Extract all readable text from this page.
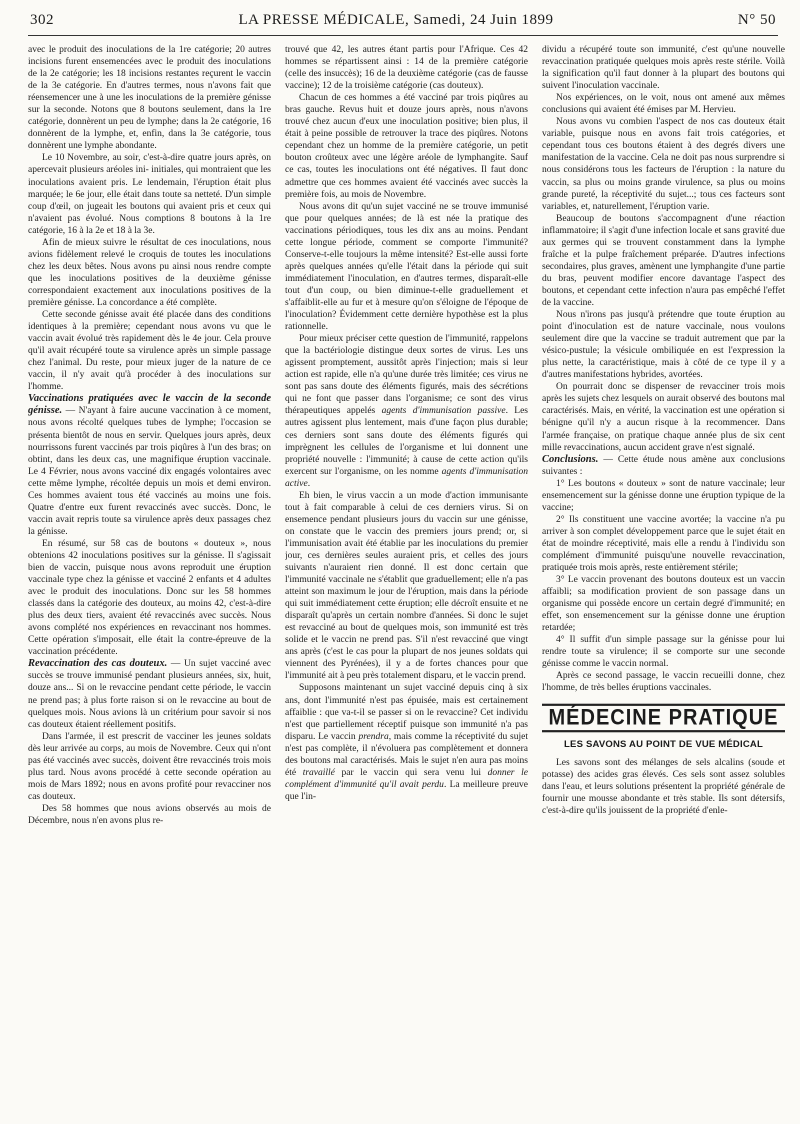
302	LA PRESSE MÉDICALE, Samedi, 24 Juin 1899	N° 50

avec le produit des inoculations de la 1re catégorie; 20 autres incisions furent ensemencées avec le produit des inoculations de la 2e catégorie; les 18 incisions restantes reçurent le vaccin de la 3e catégorie. En d'autres termes, nous n'avons fait que réensemencer une à une les inoculations de la première génisse sur la seconde. Notons que 8 boutons seulement, dans la 1re catégorie, donnèrent un peu de lymphe; dans la 2e catégorie, 16 donnèrent de la lymphe, et, enfin, dans la 3e catégorie, tous donnèrent une lymphe abondante.

Le 10 Novembre, au soir, c'est-à-dire quatre jours après, on apercevait plusieurs aréoles ini- initiales, qui montraient que les inoculations avaient pris. Le lendemain, l'éruption était plus marquée; le 6e jour, elle était dans toute sa netteté. D'un simple coup d'œil, on jugeait les boutons qui avaient pris et ceux qui n'avaient pas évolué. Nous comptions 8 boutons à la 1re catégorie, 16 à la 2e et 18 à la 3e.

Afin de mieux suivre le résultat de ces inoculations, nous avions fidèlement relevé le croquis de toutes les inoculations chez les deux bêtes. Nous avons pu ainsi nous rendre compte que les inoculations positives de la deuxième génisse correspondaient exactement aux inoculations positives de la première génisse. La concordance a été complète.

Cette seconde génisse avait été placée dans des conditions identiques à la première; cependant nous avons vu que le vaccin avait évolué très rapidement dès le 4e jour. Cela prouve qu'il avait récupéré toute sa virulence après un simple passage chez l'animal. Du reste, pour mieux juger de la nature de ce vaccin, il n'y avait qu'à procéder à des inoculations sur l'homme.

Vaccinations pratiquées avec le vaccin de la seconde génisse. — N'ayant à faire aucune vaccination à ce moment, nous avons récolté quelques tubes de lymphe; l'occasion se présenta bientôt de nous en servir. Quelques jours après, deux nourrissons furent vaccinés par trois piqûres à l'un des bras; on obtint, dans les deux cas, une magnifique éruption vaccinale. Le 4 Février, nous avons vacciné dix engagés volontaires avec cette même lymphe, récoltée depuis un mois et demi environ. Ces hommes avaient tous été vaccinés au moins une fois. Quatre d'entre eux furent revaccinés avec succès. Donc, le vaccin avait repris toute sa virulence après deux passages chez la génisse.

En résumé, sur 58 cas de boutons « douteux », nous obtenions 42 inoculations positives sur la génisse. Il s'agissait bien de vaccin, puisque nous avons reproduit une éruption vaccinale type chez la génisse et vacciné 2 enfants et 4 adultes avec le produit des inoculations. Donc sur les 58 hommes classés dans la catégorie des douteux, au moins 42, c'est-à-dire plus des deux tiers, avaient été revaccinés avec succès. Nous avons complété nos expériences en revaccinant nos hommes. Cette opération s'imposait, elle était la contre-épreuve de la vaccination précédente.

Revaccination des cas douteux. — Un sujet vacciné avec succès se trouve immunisé pendant plusieurs années, six, huit, douze ans... Si on le revaccine pendant cette période, le vaccin ne prend pas; à plus forte raison si on le revaccine au bout de quelques mois. Nous avions là un critérium pour savoir si nos cas douteux étaient réellement positifs.

Dans l'armée, il est prescrit de vacciner les jeunes soldats dès leur arrivée au corps, au mois de Novembre. Ceux qui n'ont pas été vaccinés avec succès, doivent être revaccinés trois mois plus tard. Nous avons procédé à cette seconde opération au mois de Mars 1892; nous en avons profité pour revacciner nos cas douteux.

Des 58 hommes que nous avions observés au mois de Décembre, nous n'en avons plus re-

trouvé que 42, les autres étant partis pour l'Afrique. Ces 42 hommes se répartissent ainsi : 14 de la première catégorie (celle des insuccès); 16 de la deuxième catégorie (cas de fausse vaccine); 12 de la troisième catégorie (cas douteux).

Chacun de ces hommes a été vacciné par trois piqûres au bras gauche. Revus huit et douze jours après, nous n'avons trouvé chez aucun d'eux une inoculation positive; bien plus, il était à peine possible de retrouver la trace des piqûres. Notons cependant chez un homme de la première catégorie, un petit bouton croûteux avec une légère aréole de lymphangite. Sauf ce cas, toutes les inoculations ont été négatives. Il faut donc admettre que ces hommes avaient été vaccinés avec succès la première fois, au mois de Novembre.

Nous avons dit qu'un sujet vacciné ne se trouve immunisé que pour quelques années; de là est née la pratique des vaccinations périodiques, tous les dix ans au moins. Pendant cette longue période, comment se comporte l'immunité? Conserve-t-elle toujours la même intensité? Est-elle aussi forte après quelques années qu'elle l'était dans la période qui suit immédiatement l'inoculation, en d'autres termes, disparaît-elle tout d'un coup, ou bien diminue-t-elle graduellement et s'affaiblit-elle au fur et à mesure qu'on s'éloigne de l'époque de l'inoculation? Évidemment cette dernière hypothèse est la plus rationnelle.

Pour mieux préciser cette question de l'immunité, rappelons que la bactériologie distingue deux sortes de virus. Les uns agissent promptement, aussitôt après l'injection; mais si leur action est rapide, elle n'a qu'une durée très limitée; ces virus ne sont pas sans doute des éléments figurés, mais des sécrétions qui ne font que passer dans l'organisme; ce sont des virus thérapeutiques appelés agents d'immunisation passive. Les autres agissent plus lentement, mais d'une façon plus durable; ces derniers sont sans doute des éléments figurés qui imprègnent les cellules de l'organisme et lui donnent une propriété nouvelle : l'immunité; à cause de cette action qu'ils exercent sur l'organisme, on les nomme agents d'immunisation active.

Eh bien, le virus vaccin a un mode d'action immunisante tout à fait comparable à celui de ces derniers virus. Si on ensemence pendant plusieurs jours du vaccin sur une génisse, on constate que le vaccin des premiers jours prend; or, si l'immunisation avait été établie par les inoculations du premier jour, ces dernières seules auraient pris, et celles des jours suivants n'auraient rien donné. Il est donc certain que l'immunité vaccinale ne s'établit que graduellement; elle n'a pas atteint son maximum le jour de l'éruption, mais dans la période qui suit immédiatement cette éruption; elle décroît ensuite et ne disparaît qu'après un certain nombre d'années. Si donc le sujet est revacciné au bout de quelques mois, son immunité est très solide et le vaccin ne prend pas. S'il n'est revacciné que vingt ans après (c'est le cas pour la plupart de nos jeunes soldats qui viennent des Pyrénées), il y a de fortes chances pour que l'immunité ait à peu près totalement disparu, et le vaccin prend.

Supposons maintenant un sujet vacciné depuis cinq à six ans, dont l'immunité n'est pas épuisée, mais est certainement affaiblie : que va-t-il se passer si on le revaccine? Cet individu n'est que partiellement réceptif puisque son immunité n'a pas disparu. Le vaccin prendra, mais comme la réceptivité du sujet n'est pas complète, il n'évoluera pas complètement et donnera des boutons mal caractérisés. Mais le sujet n'en aura pas moins été travaillé par le vaccin qui sera venu lui donner le complément d'immunité qu'il avait perdu. La meilleure preuve que l'in-

dividu a récupéré toute son immunité, c'est qu'une nouvelle revaccination pratiquée quelques mois après reste stérile. Voilà la signification qu'il faut donner à la plupart des boutons qui suivent l'inoculation vaccinale.

Nos expériences, on le voit, nous ont amené aux mêmes conclusions qui avaient été émises par M. Hervieu.

Nous avons vu combien l'aspect de nos cas douteux était variable, puisque nous en avons fait trois catégories, et cependant tous ces boutons étaient à des degrés divers une manifestation de la vaccine. Cela ne doit pas nous surprendre si nous considérons tous les facteurs de l'éruption : la nature du vaccin, sa plus ou moins grande virulence, sa plus ou moins grande pureté, la réceptivité du sujet...; tous ces facteurs sont variables, et, naturellement, l'éruption varie.

Beaucoup de boutons s'accompagnent d'une réaction inflammatoire; il s'agit d'une infection locale et sans gravité due aux germes qui se trouvent constamment dans la lymphe fraîche et la pulpe fraîchement préparée. D'autres infections secondaires, plus graves, amènent une lymphangite d'une partie du bras, peuvent modifier encore davantage l'aspect des boutons, et cependant cette infection n'aura pas empêché l'effet de la vaccine.

Nous n'irons pas jusqu'à prétendre que toute éruption au point d'inoculation est de nature vaccinale, nous voulons seulement dire que la vaccine se traduit autrement que par la vésico-pustule; la vésicule ombiliquée en est l'expression la plus nette, la caractéristique, mais à côté de ce type il y a d'autres manifestations hybrides, avortées.

On pourrait donc se dispenser de revacciner trois mois après les sujets chez lesquels on aurait observé des boutons mal caractérisés. Mais, en vérité, la vaccination est une opération si bénigne qu'il n'y a aucun risque à la recommencer. Dans l'armée française, on pratique chaque année plus de six cent mille revaccinations, aucun accident grave n'est signalé.

Conclusions. — Cette étude nous amène aux conclusions suivantes :

1° Les boutons « douteux » sont de nature vaccinale; leur ensemencement sur la génisse donne une éruption typique de la vaccine;
2° Ils constituent une vaccine avortée; la vaccine n'a pu arriver à son complet développement parce que le sujet était en état de moindre réceptivité, mais elle a rendu à l'individu son complément d'immunité puisqu'une nouvelle revaccination, pratiquée trois mois après, reste entièrement stérile;
3° Le vaccin provenant des boutons douteux est un vaccin affaibli; sa modification provient de son passage dans un organisme qui possède encore un certain degré d'immunité; en effet, son ensemencement sur la génisse donne une éruption retardée;
4° Il suffit d'un simple passage sur la génisse pour lui rendre toute sa virulence; il se comporte sur une seconde génisse comme le vaccin normal.

Après ce second passage, le vaccin recueilli donne, chez l'homme, de très belles éruptions vaccinales.

MÉDECINE PRATIQUE
LES SAVONS AU POINT DE VUE MÉDICAL

Les savons sont des mélanges de sels alcalins (soude et potasse) des acides gras élevés. Ces sels sont assez solubles dans l'eau, et leurs solutions présentent la propriété générale de fournir une mousse abondante et très stable. Ils sont détersifs, c'est-à-dire qu'ils jouissent de la propriété d'enle-
